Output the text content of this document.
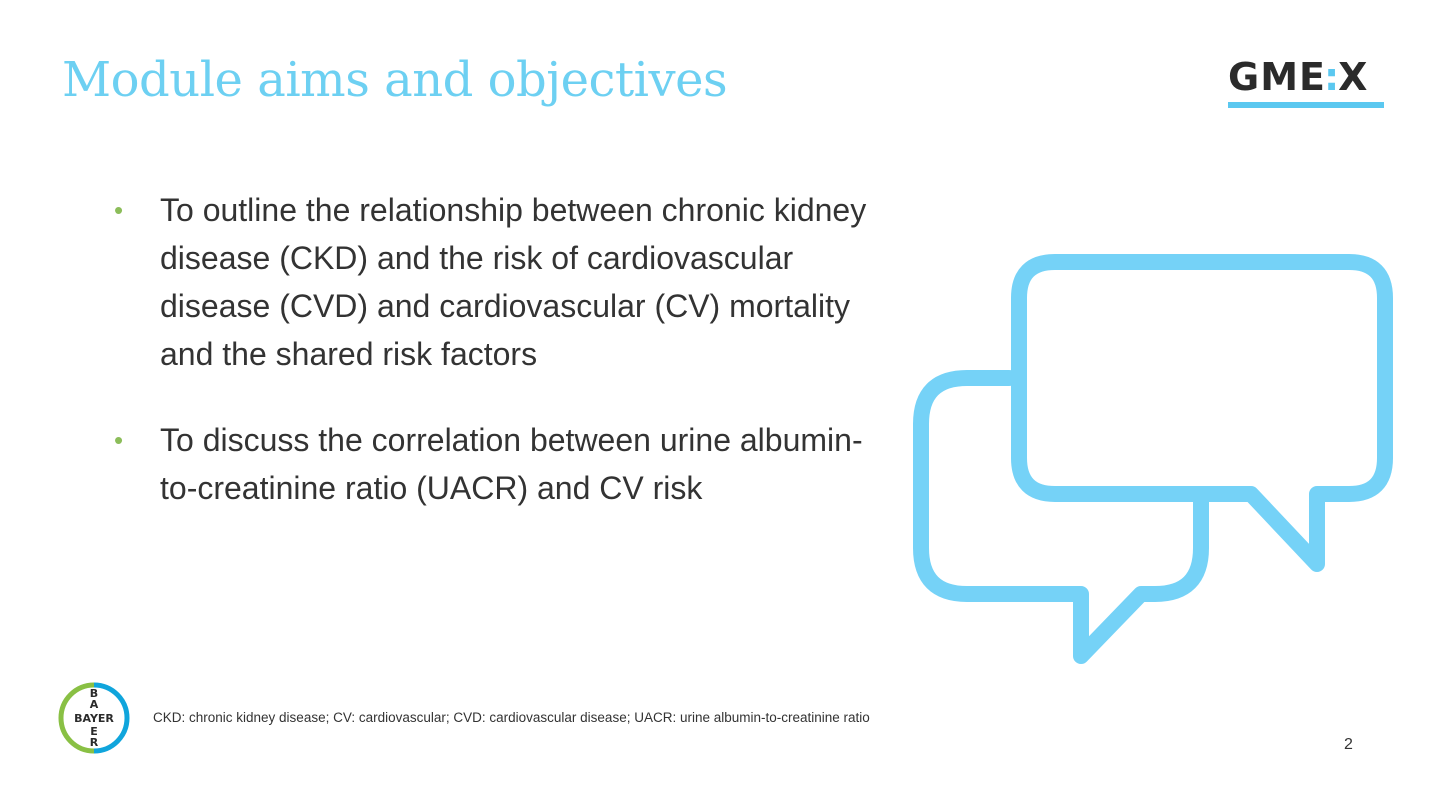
Module aims and objectives	GME:X
• To outline the relationship between chronic kidney disease (CKD) and the risk of cardiovascular disease (CVD) and cardiovascular (CV) mortality and the shared risk factors
• To discuss the correlation between urine albumin-to-creatinine ratio (UACR) and CV risk
B
A
BAYER
E
R
CKD: chronic kidney disease; CV: cardiovascular; CVD: cardiovascular disease; UACR: urine albumin-to-creatinine ratio
2
